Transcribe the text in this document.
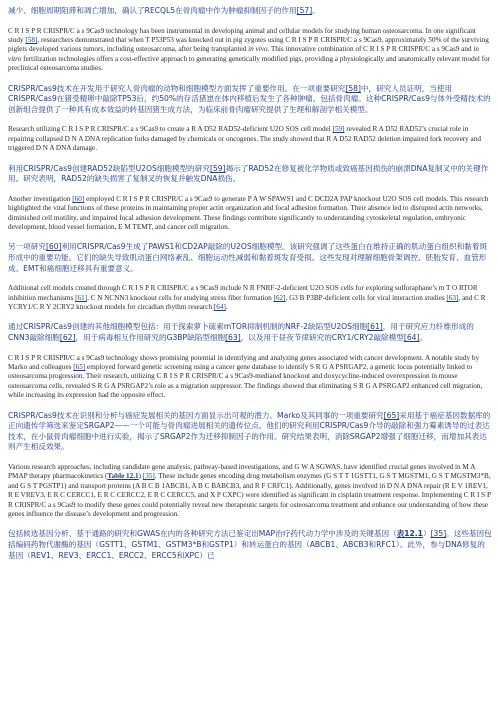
减少、细胞周期阻滞和凋亡增加，确认了RECQL5在骨肉瘤中作为肿瘤抑制因子的作用[57]。

C R I S P R CRISPR/C a s 9Cas9 technology has been instrumental in developing animal and cellular models for studying human osteosarcoma. In one significant study [58], researchers demonstrated that when T P53P53 was knocked out in pig zygotes using C R I S P R CRISPR/C a s 9Cas9, approximately 50% of the surviving piglets developed various tumors, including osteosarcoma, after being transplanted in vivo. This innovative combination of C R I S P R CRISPR/C a s 9Cas9 and in vitro fertilization technologies offers a cost-effective approach to generating genetically modified pigs, providing a physiologically and anatomically relevant model for preclinical osteosarcoma studies.

CRISPR/Cas9技术在开发用于研究人骨肉瘤的动物和细胞模型方面发挥了重要作用。在一项重要研究[58]中，研究人员证明，当使用CRISPR/Cas9在猪受精卵中敲除TP53后，约50%的存活猪崽在体内移植后发生了各种肿瘤，包括骨肉瘤。这种CRISPR/Cas9与体外受精技术的创新组合提供了一种具有成本效益的转基因猪生成方法，为临床前骨肉瘤研究提供了生理和解剖学相关模型。

Research utilizing C R I S P R CRISPR/C a s 9Cas9 to create a R A D52 RAD52-deficient U2O SOS cell model [59] revealed R A D52 RAD52’s crucial role in repairing collapsed D N A DNA replication forks damaged by chemicals or oncogenes. The study showed that R A D52 RAD52 deletion impaired fork recovery and triggered D N A DNA damage.

利用CRISPR/Cas9创建RAD52缺陷型U2OS细胞模型的研究[59]揭示了RAD52在修复被化学物质或致癌基因损伤的崩溃DNA复制叉中的关键作用。研究表明，RAD52的缺失损害了复制叉的恢复并触发DNA损伤。

Another investigation [60] employed C R I S P R CRISPR/C a s 9Cas9 to generate P A W SPAWS1 and C DCD2A PAP knockout U2O SOS cell models. This research highlighted the vital functions of these proteins in maintaining proper actin organization and focal adhesion formation. Their absence led to disrupted actin networks, diminished cell motility, and impaired focal adhesion development. These findings contribute significantly to understanding cytoskeletal regulation, embryonic development, blood vessel formation, E M TEMT, and cancer cell migration.

另一项研究[60]利用CRISPR/Cas9生成了PAWS1和CD2AP敲除的U2OS细胞模型。该研究强调了这些蛋白在维持正确的肌动蛋白组织和黏着斑形成中的重要功能。它们的缺失导致肌动蛋白网络紊乱、细胞运动性减弱和黏着斑发育受损。这些发现对理解细胞骨架调控、胚胎发育、血管形成、EMT和癌细胞迁移具有重要意义。

Additional cell models created through C R I S P R CRISPR/C a s 9Cas9 include N R FNRF-2-deficient U2O SOS cells for exploring sulforaphane’s m T O RTOR inhibition mechanisms [61], C N NCNN3 knockout cells for studying stress fiber formation [62], G3 B P3BP-deficient cells for viral interaction studies [63], and C R YCRY1/C R Y 2CRY2 knockout models for circadian rhythm research [64].

通过CRISPR/Cas9创建的其他细胞模型包括：用于探索萝卜硫素mTOR抑制机制的NRF-2缺陷型U2OS细胞[61]，用于研究应力纤维形成的CNN3敲除细胞[62]，用于病毒相互作用研究的G3BP缺陷型细胞[63]，以及用于昼夜节律研究的CRY1/CRY2敲除模型[64]。

C R I S P R CRISPR/C a s 9Cas9 technology shows promising potential in identifying and analyzing genes associated with cancer development. A notable study by Marko and colleagues [65] employed forward genetic screening using a cancer gene database to identify S R G A PSRGAP2, a genetic locus potentially linked to osteosarcoma progression. Their research, utilizing C R I S P R CRISPR/C a s 9Cas9-mediated knockout and doxycycline-induced overexpression in mouse osteosarcoma cells, revealed S R G A PSRGAP2’s role as a migration suppressor. The findings showed that eliminating S R G A PSRGAP2 enhanced cell migration, while increasing its expression had the opposite effect.

CRISPR/Cas9技术在识别和分析与癌症发展相关的基因方面显示出可观的潜力。Marko及其同事的一项重要研究[65]采用基于癌症基因数据库的正向遗传学筛选来鉴定SRGAP2——一个可能与骨肉瘤进展相关的遗传位点。他们的研究利用CRISPR/Cas9介导的敲除和强力霉素诱导的过表达技术，在小鼠骨肉瘤细胞中进行实验，揭示了SRGAP2作为迁移抑制因子的作用。研究结果表明，消除SRGAP2增强了细胞迁移，而增加其表达则产生相反效果。

Various research approaches, including candidate gene analysis, pathway-based investigations, and G W A SGWAS, have identified crucial genes involved in M A PMAP therapy pharmacokinetics (Table 12.1) [35]. These include genes encoding drug metabolism enzymes (G S T T 1GSTT1, G S T MGSTM1, G S T MGSTM3*B, and G S T PGSTP1) and transport proteins (A B C B 1ABCB1, A B C BABCB3, and R F CRFC1). Additionally, genes involved in D N A DNA repair (R E V 1REV1, R E VREV3, E R C CERCC1, E R C CERCC2, E R C CERCC5, and X P CXPC) were identified as significant in cisplatin treatment response. Implementing C R I S P R CRISPR/C a s 9Cas9 to modify these genes could potentially reveal new therapeutic targets for osteosarcoma treatment and enhance our understanding of how these genes influence the disease’s development and progression.

包括候选基因分析、基于通路的研究和GWAS在内的各种研究方法已鉴定出MAP治疗药代动力学中涉及的关键基因（表12.1）[35]。这些基因包括编码药物代谢酶的基因（GSTT1、GSTM1、GSTM3*B和GSTP1）和转运蛋白的基因（ABCB1、ABCB3和RFC1）。此外，参与DNA修复的基因（REV1、REV3、ERCC1、ERCC2、ERCC5和XPC）已
